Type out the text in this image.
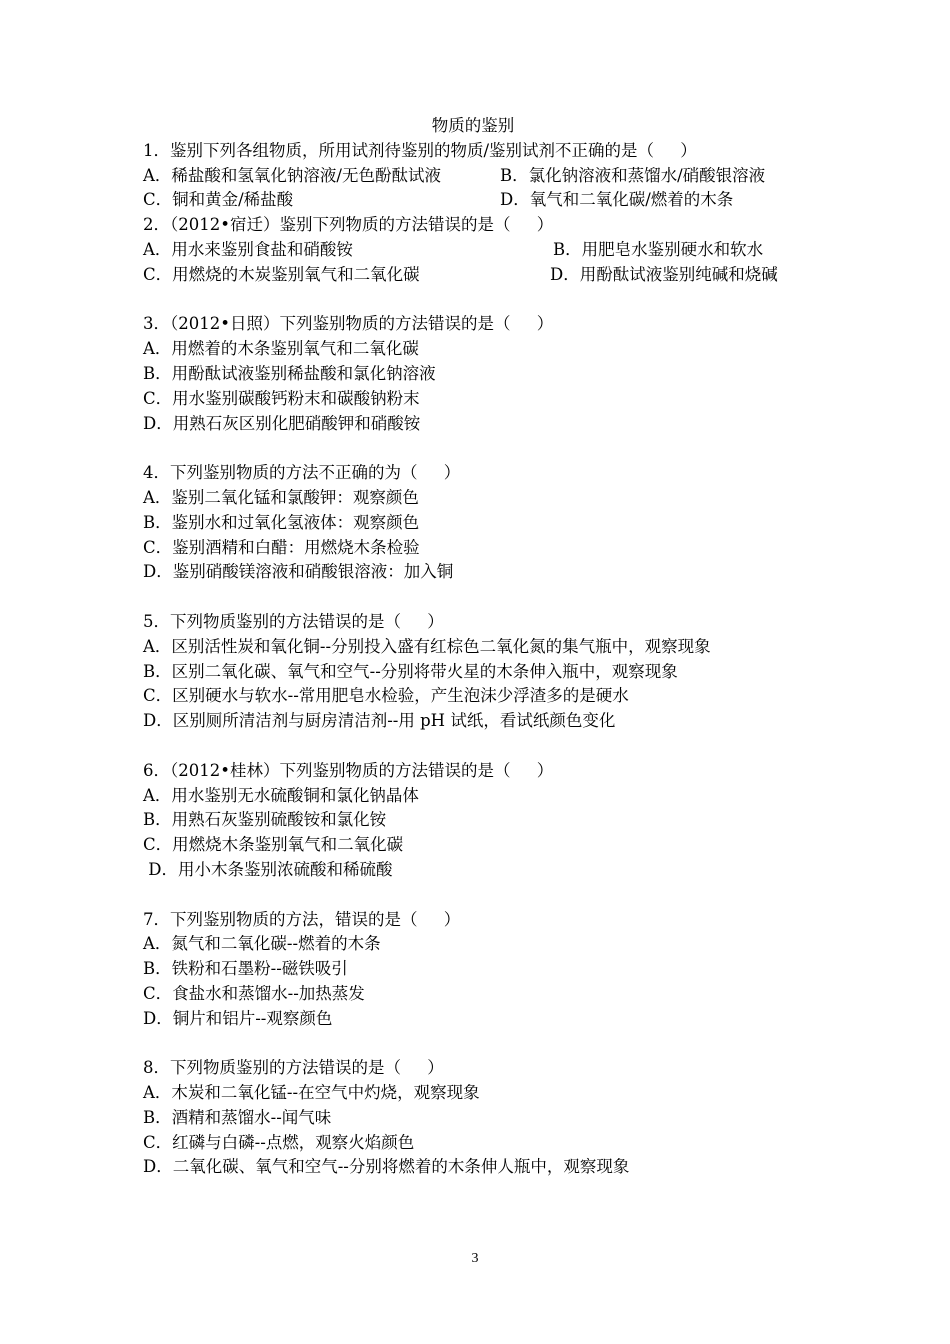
物质的鉴别
1．鉴别下列各组物质，所用试剂待鉴别的物质/鉴别试剂不正确的是（     ）
A．稀盐酸和氢氧化钠溶液/无色酚酞试液	B．氯化钠溶液和蒸馏水/硝酸银溶液
C．铜和黄金/稀盐酸	D．氧气和二氧化碳/燃着的木条
2．（2012•宿迁）鉴别下列物质的方法错误的是（     ）
A．用水来鉴别食盐和硝酸铵	B．用肥皂水鉴别硬水和软水
C．用燃烧的木炭鉴别氧气和二氧化碳	D．用酚酞试液鉴别纯碱和烧碱
3．（2012•日照）下列鉴别物质的方法错误的是（     ）
A．用燃着的木条鉴别氧气和二氧化碳
B．用酚酞试液鉴别稀盐酸和氯化钠溶液
C．用水鉴别碳酸钙粉末和碳酸钠粉末
D．用熟石灰区别化肥硝酸钾和硝酸铵
4．下列鉴别物质的方法不正确的为（     ）
A．鉴别二氧化锰和氯酸钾：观察颜色
B．鉴别水和过氧化氢液体：观察颜色
C．鉴别酒精和白醋：用燃烧木条检验
D．鉴别硝酸镁溶液和硝酸银溶液：加入铜
5．下列物质鉴别的方法错误的是（     ）
A．区别活性炭和氧化铜--分别投入盛有红棕色二氧化氮的集气瓶中，观察现象
B．区别二氧化碳、氧气和空气--分别将带火星的木条伸入瓶中，观察现象
C．区别硬水与软水--常用肥皂水检验，产生泡沫少浮渣多的是硬水
D．区别厕所清洁剂与厨房清洁剂--用 pH 试纸，看试纸颜色变化
6．（2012•桂林）下列鉴别物质的方法错误的是（     ）
A．用水鉴别无水硫酸铜和氯化钠晶体
B．用熟石灰鉴别硫酸铵和氯化铵
C．用燃烧木条鉴别氧气和二氧化碳
D．用小木条鉴别浓硫酸和稀硫酸
7．下列鉴别物质的方法，错误的是（     ）
A．氮气和二氧化碳--燃着的木条
B．铁粉和石墨粉--磁铁吸引
C．食盐水和蒸馏水--加热蒸发
D．铜片和铝片--观察颜色
8．下列物质鉴别的方法错误的是（     ）
A．木炭和二氧化锰--在空气中灼烧，观察现象
B．酒精和蒸馏水--闻气味
C．红磷与白磷--点燃，观察火焰颜色
D．二氧化碳、氧气和空气--分别将燃着的木条伸人瓶中，观察现象
3
